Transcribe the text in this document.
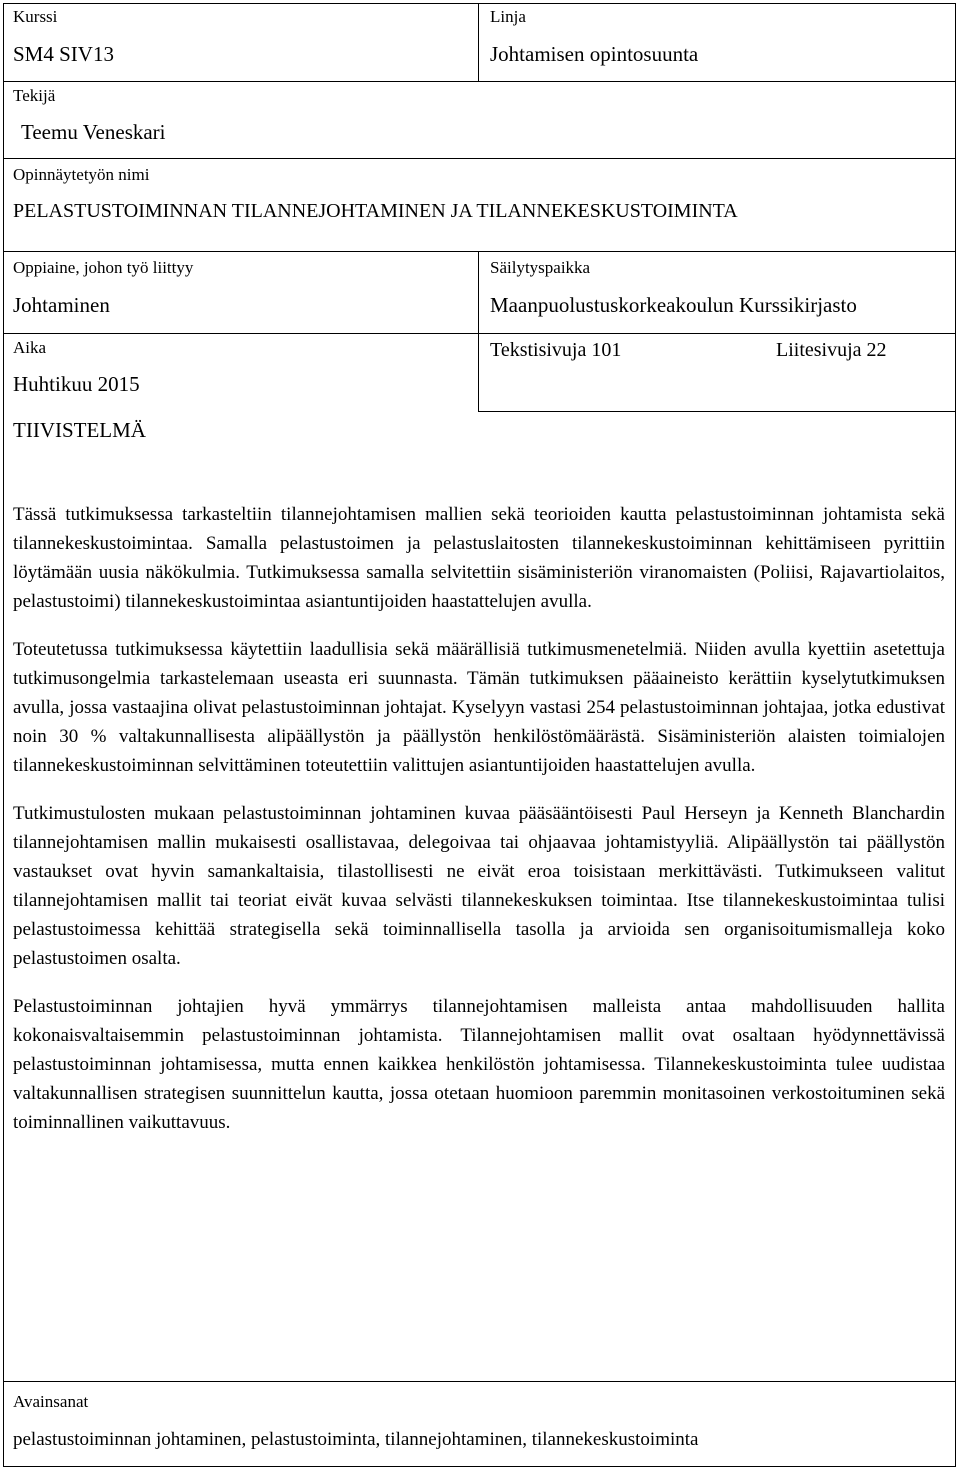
Kurssi
SM4 SIV13
Linja
Johtamisen opintosuunta
Tekijä
Teemu Veneskari
Opinnäytetyön nimi
PELASTUSTOIMINNAN TILANNEJOHTAMINEN JA TILANNEKESKUSTOIMINTA
Oppiaine, johon työ liittyy
Johtaminen
Säilytyspaikka
Maanpuolustuskorkeakoulun Kurssikirjasto
Aika
Huhtikuu 2015
Tekstisivuja 101	Liitesivuja 22
TIIVISTELMÄ

Tässä tutkimuksessa tarkasteltiin tilannejohtamisen mallien sekä teorioiden kautta pelastustoiminnan johtamista sekä tilannekeskustoimintaa. Samalla pelastustoimen ja pelastuslaitosten tilannekeskustoiminnan kehittämiseen pyrittiin löytämään uusia näkökulmia. Tutkimuksessa samalla selvitettiin sisäministeriön viranomaisten (Poliisi, Rajavartiolaitos, pelastustoimi) tilannekeskustoimintaa asiantuntijoiden haastattelujen avulla.

Toteutetussa tutkimuksessa käytettiin laadullisia sekä määrällisiä tutkimusmenetelmiä. Niiden avulla kyettiin asetettuja tutkimusongelmia tarkastelemaan useasta eri suunnasta. Tämän tutkimuksen pääaineisto kerättiin kyselytutkimuksen avulla, jossa vastaajina olivat pelastustoiminnan johtajat. Kyselyyn vastasi 254 pelastustoiminnan johtajaa, jotka edustivat noin 30 % valtakunnallisesta alipäällystön ja päällystön henkilöstömäärästä. Sisäministeriön alaisten toimialojen tilannekeskustoiminnan selvittäminen toteutettiin valittujen asiantuntijoiden haastattelujen avulla.

Tutkimustulosten mukaan pelastustoiminnan johtaminen kuvaa pääsääntöisesti Paul Herseyn ja Kenneth Blanchardin tilannejohtamisen mallin mukaisesti osallistavaa, delegoivaa tai ohjaavaa johtamistyyliä. Alipäällystön tai päällystön vastaukset ovat hyvin samankaltaisia, tilastollisesti ne eivät eroa toisistaan merkittävästi. Tutkimukseen valitut tilannejohtamisen mallit tai teoriat eivät kuvaa selvästi tilannekeskuksen toimintaa. Itse tilannekeskustoimintaa tulisi pelastustoimessa kehittää strategisella sekä toiminnallisella tasolla ja arvioida sen organisoitumismalleja koko pelastustoimen osalta.

Pelastustoiminnan johtajien hyvä ymmärrys tilannejohtamisen malleista antaa mahdollisuuden hallita kokonaisvaltaisemmin pelastustoiminnan johtamista. Tilannejohtamisen mallit ovat osaltaan hyödynnettävissä pelastustoiminnan johtamisessa, mutta ennen kaikkea henkilöstön johtamisessa. Tilannekeskustoiminta tulee uudistaa valtakunnallisen strategisen suunnittelun kautta, jossa otetaan huomioon paremmin monitasoinen verkostoituminen sekä toiminnallinen vaikuttavuus.

Avainsanat
pelastustoiminnan johtaminen, pelastustoiminta, tilannejohtaminen, tilannekeskustoiminta
